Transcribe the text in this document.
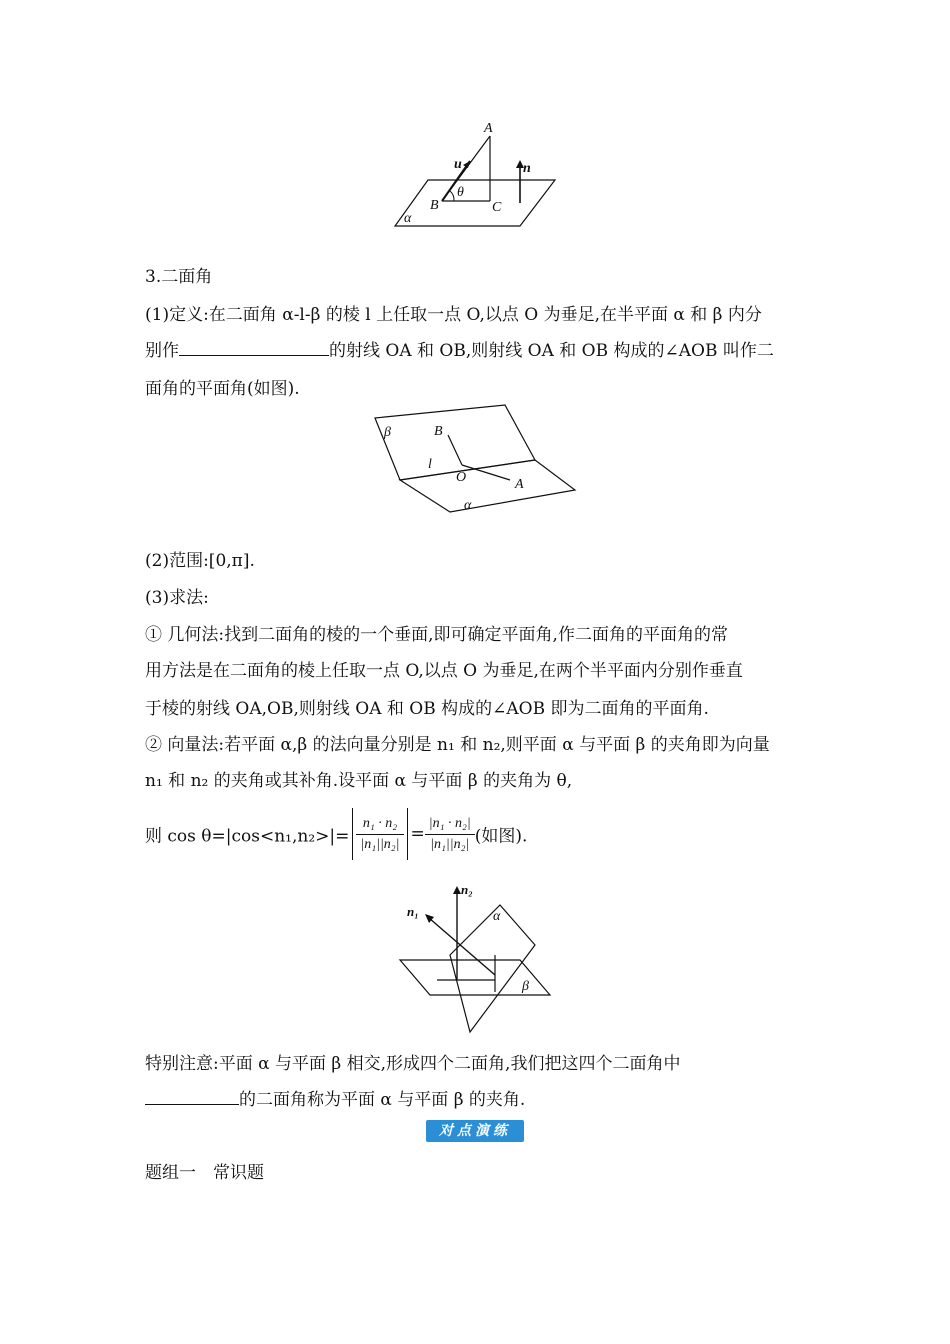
A
u	n
θ
B	C
α
3.二面角
(1)定义:在二面角 α-l-β 的棱 l 上任取一点 O,以点 O 为垂足,在半平面 α 和 β 内分
别作	的射线 OA 和 OB,则射线 OA 和 OB 构成的∠AOB 叫作二
面角的平面角(如图).
β	B
l
O	A
α
(2)范围:[0,π].
(3)求法:
① 几何法:找到二面角的棱的一个垂面,即可确定平面角,作二面角的平面角的常
用方法是在二面角的棱上任取一点 O,以点 O 为垂足,在两个半平面内分别作垂直
于棱的射线 OA,OB,则射线 OA 和 OB 构成的∠AOB 即为二面角的平面角.
② 向量法:若平面 α,β 的法向量分别是 n₁ 和 n₂,则平面 α 与平面 β 的夹角即为向量
n₁ 和 n₂ 的夹角或其补角.设平面 α 与平面 β 的夹角为 θ,
则 $\cos \theta=|\cos<n_1,n_2>|= \frac{\text{n₁ · n₂}}{\text{|n₁||n₂|}} = \frac{\text{|n₁ · n₂|}}{\text{|n₁||n₂|}}$ (如图).
n₂
n₁	α
β
特别注意:平面 α 与平面 β 相交,形成四个二面角,我们把这四个二面角中
的二面角称为平面 α 与平面 β 的夹角.
对点演练
题组一　常识题
